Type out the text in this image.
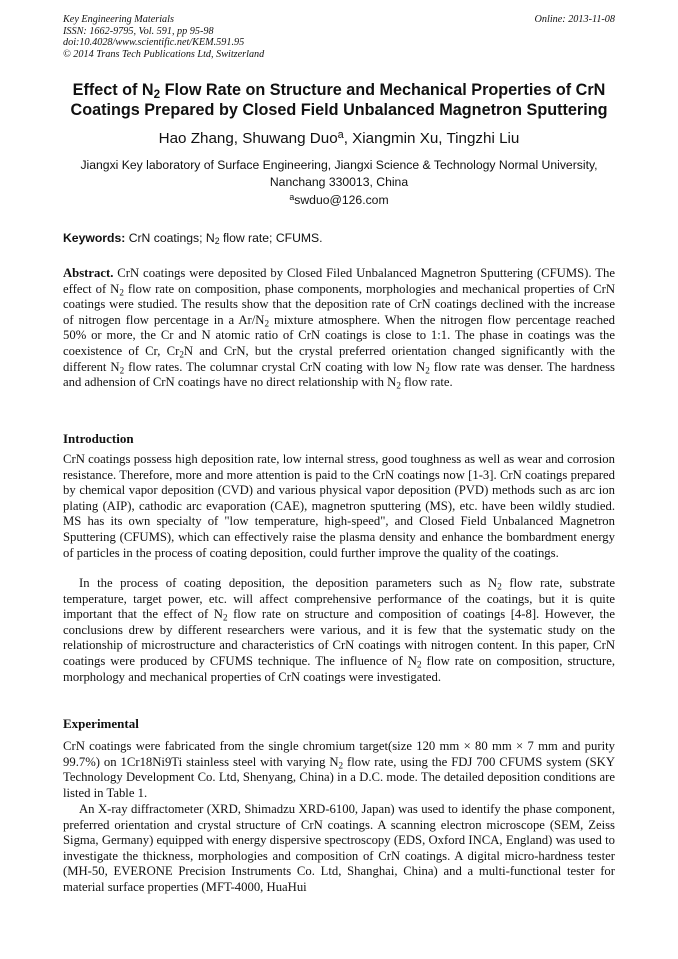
Key Engineering Materials
ISSN: 1662-9795, Vol. 591, pp 95-98
doi:10.4028/www.scientific.net/KEM.591.95
© 2014 Trans Tech Publications Ltd, Switzerland
Online: 2013-11-08
Effect of $N_2$ Flow Rate on Structure and Mechanical Properties of CrN
Coatings Prepared by Closed Field Unbalanced Magnetron Sputtering
Hao Zhang, Shuwang Duo$^a$, Xiangmin Xu, Tingzhi Liu
Jiangxi Key laboratory of Surface Engineering, Jiangxi Science & Technology Normal University,
Nanchang 330013, China
$^a$swduo@126.com
Keywords: CrN coatings; $N_2$ flow rate; CFUMS.
Abstract. CrN coatings were deposited by Closed Filed Unbalanced Magnetron Sputtering (CFUMS). The effect of $N_2$ flow rate on composition, phase components, morphologies and mechanical properties of CrN coatings were studied. The results show that the deposition rate of CrN coatings declined with the increase of nitrogen flow percentage in a $Ar/N_2$ mixture atmosphere. When the nitrogen flow percentage reached 50% or more, the Cr and N atomic ratio of CrN coatings is close to 1:1. The phase in coatings was the coexistence of Cr, $Cr_2N$ and CrN, but the crystal preferred orientation changed significantly with the different $N_2$ flow rates. The columnar crystal CrN coating with low $N_2$ flow rate was denser. The hardness and adhension of CrN coatings have no direct relationship with $N_2$ flow rate.
Introduction
CrN coatings possess high deposition rate, low internal stress, good toughness as well as wear and corrosion resistance. Therefore, more and more attention is paid to the CrN coatings now [1-3]. CrN coatings prepared by chemical vapor deposition (CVD) and various physical vapor deposition (PVD) methods such as arc ion plating (AIP), cathodic arc evaporation (CAE), magnetron sputtering (MS), etc. have been wildly studied. MS has its own specialty of "low temperature, high-speed", and Closed Field Unbalanced Magnetron Sputtering (CFUMS), which can effectively raise the plasma density and enhance the bombardment energy of particles in the process of coating deposition, could further improve the quality of the coatings.
In the process of coating deposition, the deposition parameters such as $N_2$ flow rate, substrate temperature, target power, etc. will affect comprehensive performance of the coatings, but it is quite important that the effect of $N_2$ flow rate on structure and composition of coatings [4-8]. However, the conclusions drew by different researchers were various, and it is few that the systematic study on the relationship of microstructure and characteristics of CrN coatings with nitrogen content. In this paper, CrN coatings were produced by CFUMS technique. The influence of $N_2$ flow rate on composition, structure, morphology and mechanical properties of CrN coatings were investigated.
Experimental
CrN coatings were fabricated from the single chromium target(size 120 mm × 80 mm × 7 mm and purity 99.7%) on 1Cr18Ni9Ti stainless steel with varying $N_2$ flow rate, using the FDJ 700 CFUMS system (SKY Technology Development Co. Ltd, Shenyang, China) in a D.C. mode. The detailed deposition conditions are listed in Table 1.
An X-ray diffractometer (XRD, Shimadzu XRD-6100, Japan) was used to identify the phase component, preferred orientation and crystal structure of CrN coatings. A scanning electron microscope (SEM, Zeiss Sigma, Germany) equipped with energy dispersive spectroscopy (EDS, Oxford INCA, England) was used to investigate the thickness, morphologies and composition of CrN coatings. A digital micro-hardness tester (MH-50, EVERONE Precision Instruments Co. Ltd, Shanghai, China) and a multi-functional tester for material surface properties (MFT-4000, HuaHui
